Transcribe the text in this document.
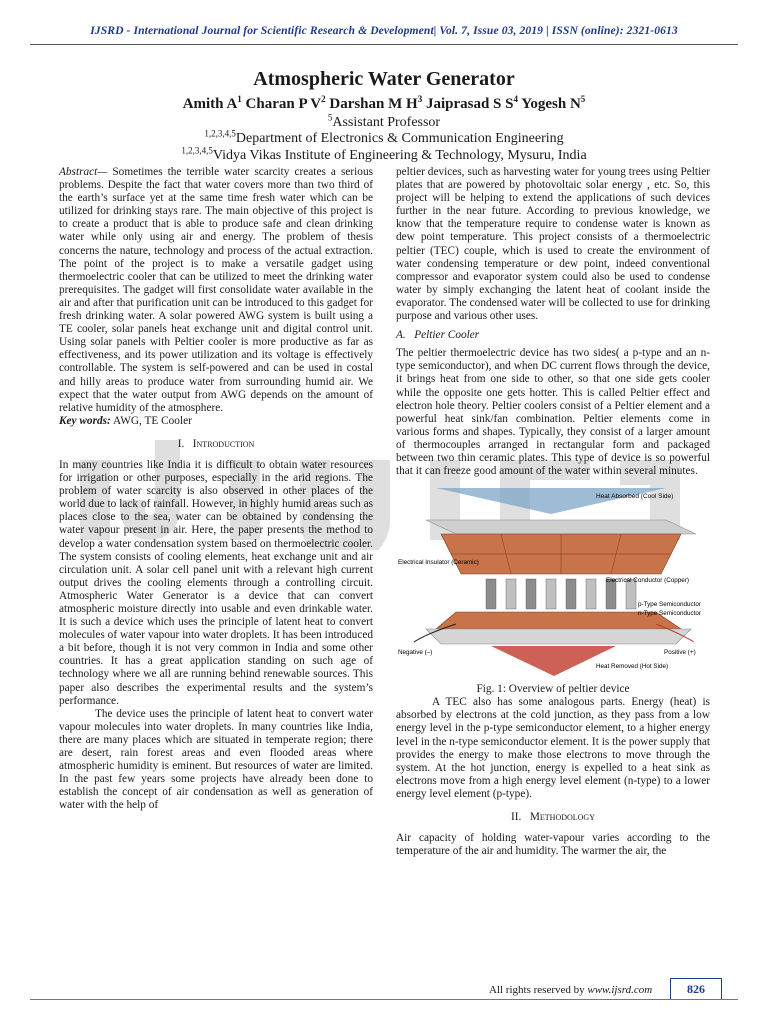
IJSRD - International Journal for Scientific Research & Development| Vol. 7, Issue 03, 2019 | ISSN (online): 2321-0613
Atmospheric Water Generator
Amith $A^1$ Charan P $V^2$ Darshan M $H^3$ Jaiprasad S $S^4$ Yogesh $N^5$
$^5$Assistant Professor
$^{1,2,3,4,5}$Department of Electronics & Communication Engineering
$^{1,2,3,4,5}$Vidya Vikas Institute of Engineering & Technology, Mysuru, India

Abstract— Sometimes the terrible water scarcity creates a serious problems. Despite the fact that water covers more than two third of the earth’s surface yet at the same time fresh water which can be utilized for drinking stays rare. The main objective of this project is to create a product that is able to produce safe and clean drinking water while only using air and energy. The problem of thesis concerns the nature, technology and process of the actual extraction. The point of the project is to make a versatile gadget using thermoelectric cooler that can be utilized to meet the drinking water prerequisites. The gadget will first consolidate water available in the air and after that purification unit can be introduced to this gadget for fresh drinking water. A solar powered AWG system is built using a TE cooler, solar panels heat exchange unit and digital control unit. Using solar panels with Peltier cooler is more productive as far as effectiveness, and its power utilization and its voltage is effectively controllable. The system is self-powered and can be used in costal and hilly areas to produce water from surrounding humid air. We expect that the water output from AWG depends on the amount of relative humidity of the atmosphere.

Key words: AWG, TE Cooler

I. Introduction

In many countries like India it is difficult to obtain water resources for irrigation or other purposes, especially in the arid regions. The problem of water scarcity is also observed in other places of the world due to lack of rainfall. However, in highly humid areas such as places close to the sea, water can be obtained by condensing the water vapour present in air. Here, the paper presents the method to develop a water condensation system based on thermoelectric cooler. The system consists of cooling elements, heat exchange unit and air circulation unit. A solar cell panel unit with a relevant high current output drives the cooling elements through a controlling circuit. Atmospheric Water Generator is a device that can convert atmospheric moisture directly into usable and even drinkable water. It is such a device which uses the principle of latent heat to convert molecules of water vapour into water droplets. It has been introduced a bit before, though it is not very common in India and some other countries. It has a great application standing on such age of technology where we all are running behind renewable sources. This paper also describes the experimental results and the system’s performance.

The device uses the principle of latent heat to convert water vapour molecules into water droplets. In many countries like India, there are many places which are situated in temperate region; there are desert, rain forest areas and even flooded areas where atmospheric humidity is eminent. But resources of water are limited. In the past few years some projects have already been done to establish the concept of air condensation as well as generation of water with the help of

peltier devices, such as harvesting water for young trees using Peltier plates that are powered by photovoltaic solar energy , etc. So, this project will be helping to extend the applications of such devices further in the near future. According to previous knowledge, we know that the temperature require to condense water is known as dew point temperature. This project consists of a thermoelectric peltier (TEC) couple, which is used to create the environment of water condensing temperature or dew point, indeed conventional compressor and evaporator system could also be used to condense water by simply exchanging the latent heat of coolant inside the evaporator. The condensed water will be collected to use for drinking purpose and various other uses.

A. Peltier Cooler

The peltier thermoelectric device has two sides( a p-type and an n-type semiconductor), and when DC current flows through the device, it brings heat from one side to other, so that one side gets cooler while the opposite one gets hotter. This is called Peltier effect and electron hole theory. Peltier coolers consist of a Peltier element and a powerful heat sink/fan combination. Peltier elements come in various forms and shapes. Typically, they consist of a larger amount of thermocouples arranged in rectangular form and packaged between two thin ceramic plates. This type of device is so powerful that it can freeze good amount of the water within several minutes.

Heat Absorbed (Cool Side)
Electrical Insulator (Ceramic)
Electrical Conductor (Copper)
p-Type Semiconductor
n-Type Semiconductor
Negative (–)	Positive (+)
Heat Removed (Hot Side)
Fig. 1: Overview of peltier device

A TEC also has some analogous parts. Energy (heat) is absorbed by electrons at the cold junction, as they pass from a low energy level in the p-type semiconductor element, to a higher energy level in the n-type semiconductor element. It is the power supply that provides the energy to make those electrons to move through the system. At the hot junction, energy is expelled to a heat sink as electrons move from a high energy level element (n-type) to a lower energy level element (p-type).

II. Methodology

Air capacity of holding water-vapour varies according to the temperature of the air and humidity. The warmer the air, the

All rights reserved by www.ijsrd.com	826
